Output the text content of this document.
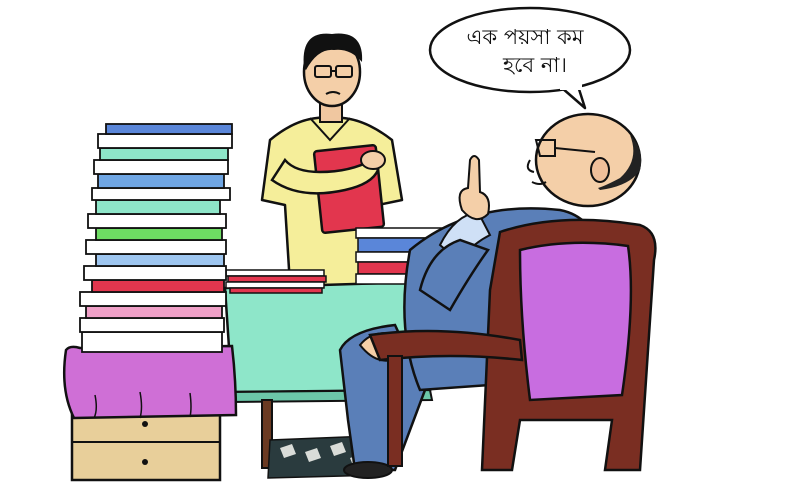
এক পয়সা কম
হবে না।
